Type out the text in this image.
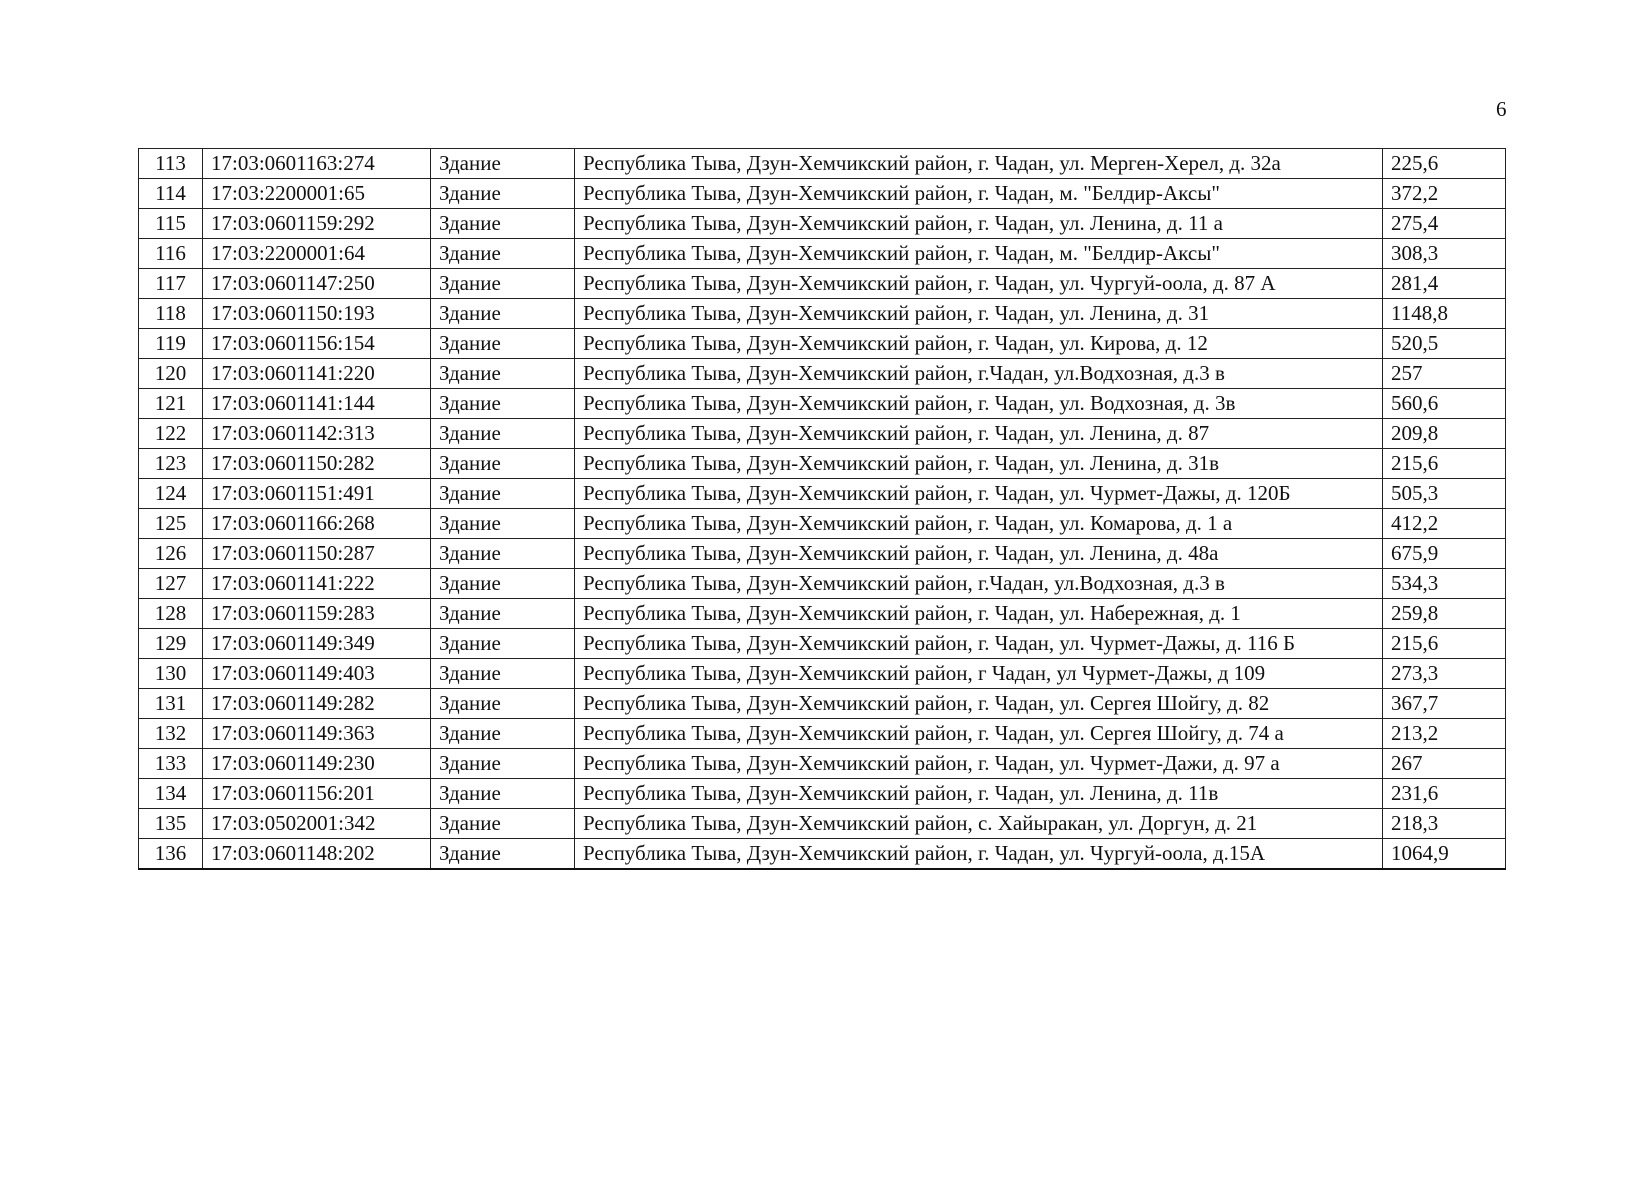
6
113	17:03:0601163:274	Здание	Республика Тыва, Дзун-Хемчикский район, г. Чадан, ул. Мерген-Херел, д. 32а	225,6
114	17:03:2200001:65	Здание	Республика Тыва, Дзун-Хемчикский район, г. Чадан, м. "Белдир-Аксы"	372,2
115	17:03:0601159:292	Здание	Республика Тыва, Дзун-Хемчикский район, г. Чадан, ул. Ленина, д. 11 а	275,4
116	17:03:2200001:64	Здание	Республика Тыва, Дзун-Хемчикский район, г. Чадан, м. "Белдир-Аксы"	308,3
117	17:03:0601147:250	Здание	Республика Тыва, Дзун-Хемчикский район, г. Чадан, ул. Чургуй-оола, д. 87 А	281,4
118	17:03:0601150:193	Здание	Республика Тыва, Дзун-Хемчикский район, г. Чадан, ул. Ленина, д. 31	1148,8
119	17:03:0601156:154	Здание	Республика Тыва, Дзун-Хемчикский район, г. Чадан, ул. Кирова, д. 12	520,5
120	17:03:0601141:220	Здание	Республика Тыва, Дзун-Хемчикский район, г.Чадан, ул.Водхозная, д.3 в	257
121	17:03:0601141:144	Здание	Республика Тыва, Дзун-Хемчикский район, г. Чадан, ул. Водхозная, д. 3в	560,6
122	17:03:0601142:313	Здание	Республика Тыва, Дзун-Хемчикский район, г. Чадан, ул. Ленина, д. 87	209,8
123	17:03:0601150:282	Здание	Республика Тыва, Дзун-Хемчикский район, г. Чадан, ул. Ленина, д. 31в	215,6
124	17:03:0601151:491	Здание	Республика Тыва, Дзун-Хемчикский район, г. Чадан, ул. Чурмет-Дажы, д. 120Б	505,3
125	17:03:0601166:268	Здание	Республика Тыва, Дзун-Хемчикский район, г. Чадан, ул. Комарова, д. 1 а	412,2
126	17:03:0601150:287	Здание	Республика Тыва, Дзун-Хемчикский район, г. Чадан, ул. Ленина, д. 48а	675,9
127	17:03:0601141:222	Здание	Республика Тыва, Дзун-Хемчикский район, г.Чадан, ул.Водхозная, д.3 в	534,3
128	17:03:0601159:283	Здание	Республика Тыва, Дзун-Хемчикский район, г. Чадан, ул. Набережная, д. 1	259,8
129	17:03:0601149:349	Здание	Республика Тыва, Дзун-Хемчикский район, г. Чадан, ул. Чурмет-Дажы, д. 116 Б	215,6
130	17:03:0601149:403	Здание	Республика Тыва, Дзун-Хемчикский район, г Чадан, ул Чурмет-Дажы, д 109	273,3
131	17:03:0601149:282	Здание	Республика Тыва, Дзун-Хемчикский район, г. Чадан, ул. Сергея Шойгу, д. 82	367,7
132	17:03:0601149:363	Здание	Республика Тыва, Дзун-Хемчикский район, г. Чадан, ул. Сергея Шойгу, д. 74 а	213,2
133	17:03:0601149:230	Здание	Республика Тыва, Дзун-Хемчикский район, г. Чадан, ул. Чурмет-Дажи, д. 97 а	267
134	17:03:0601156:201	Здание	Республика Тыва, Дзун-Хемчикский район, г. Чадан, ул. Ленина, д. 11в	231,6
135	17:03:0502001:342	Здание	Республика Тыва, Дзун-Хемчикский район, с. Хайыракан, ул. Доргун, д. 21	218,3
136	17:03:0601148:202	Здание	Республика Тыва, Дзун-Хемчикский район, г. Чадан, ул. Чургуй-оола, д.15А	1064,9
